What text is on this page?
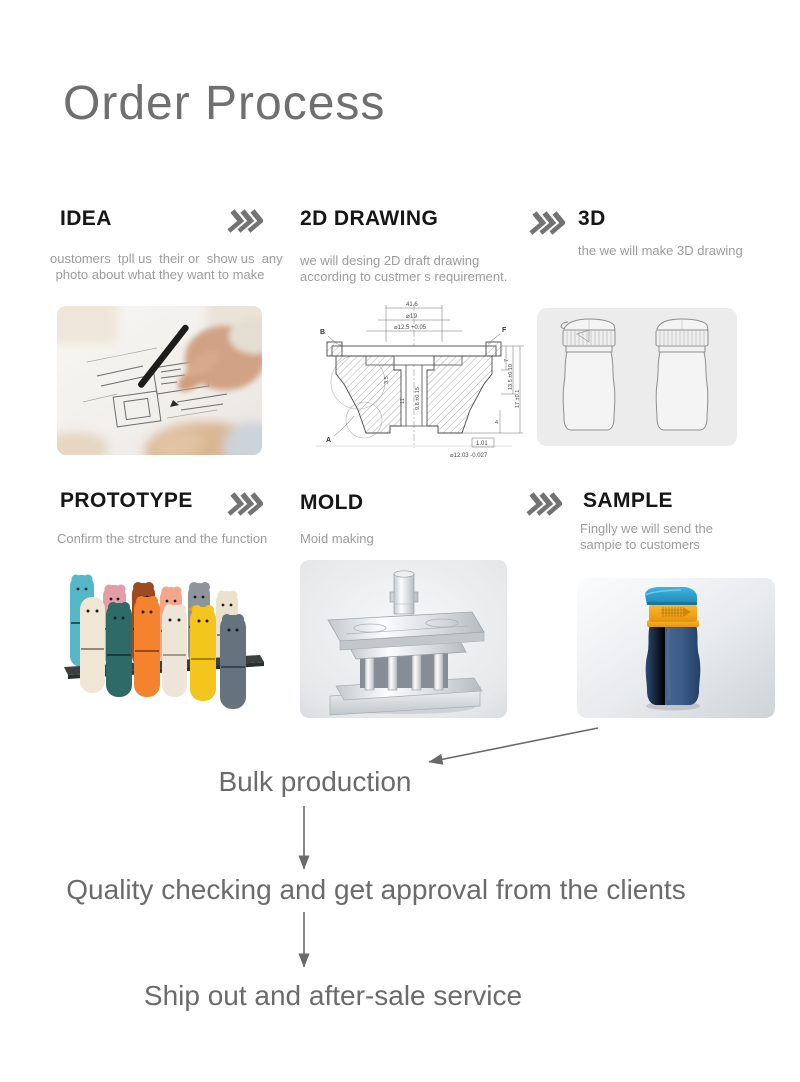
Order Process
IDEA	2D DRAWING	3D
oustomers  tpll us  their or  show us  any
photo about what they want to make
we will desing 2D draft drawing
according to custmer s requirement.
the we will make 3D drawing
41.6
⌀19
⌀12.5 +0.05
7
13.5 ±0.10
17 ±0.1
4
3.5
11 9.8 ±0.15
1.01
⌀12.03 -0.027
B	F
A
PROTOTYPE	MOLD	SAMPLE
Confirm the strcture and the function	Moid making
Finglly we will send the
sampie to customers
Bulk production
Quality checking and get approval from the clients
Ship out and after-sale service
